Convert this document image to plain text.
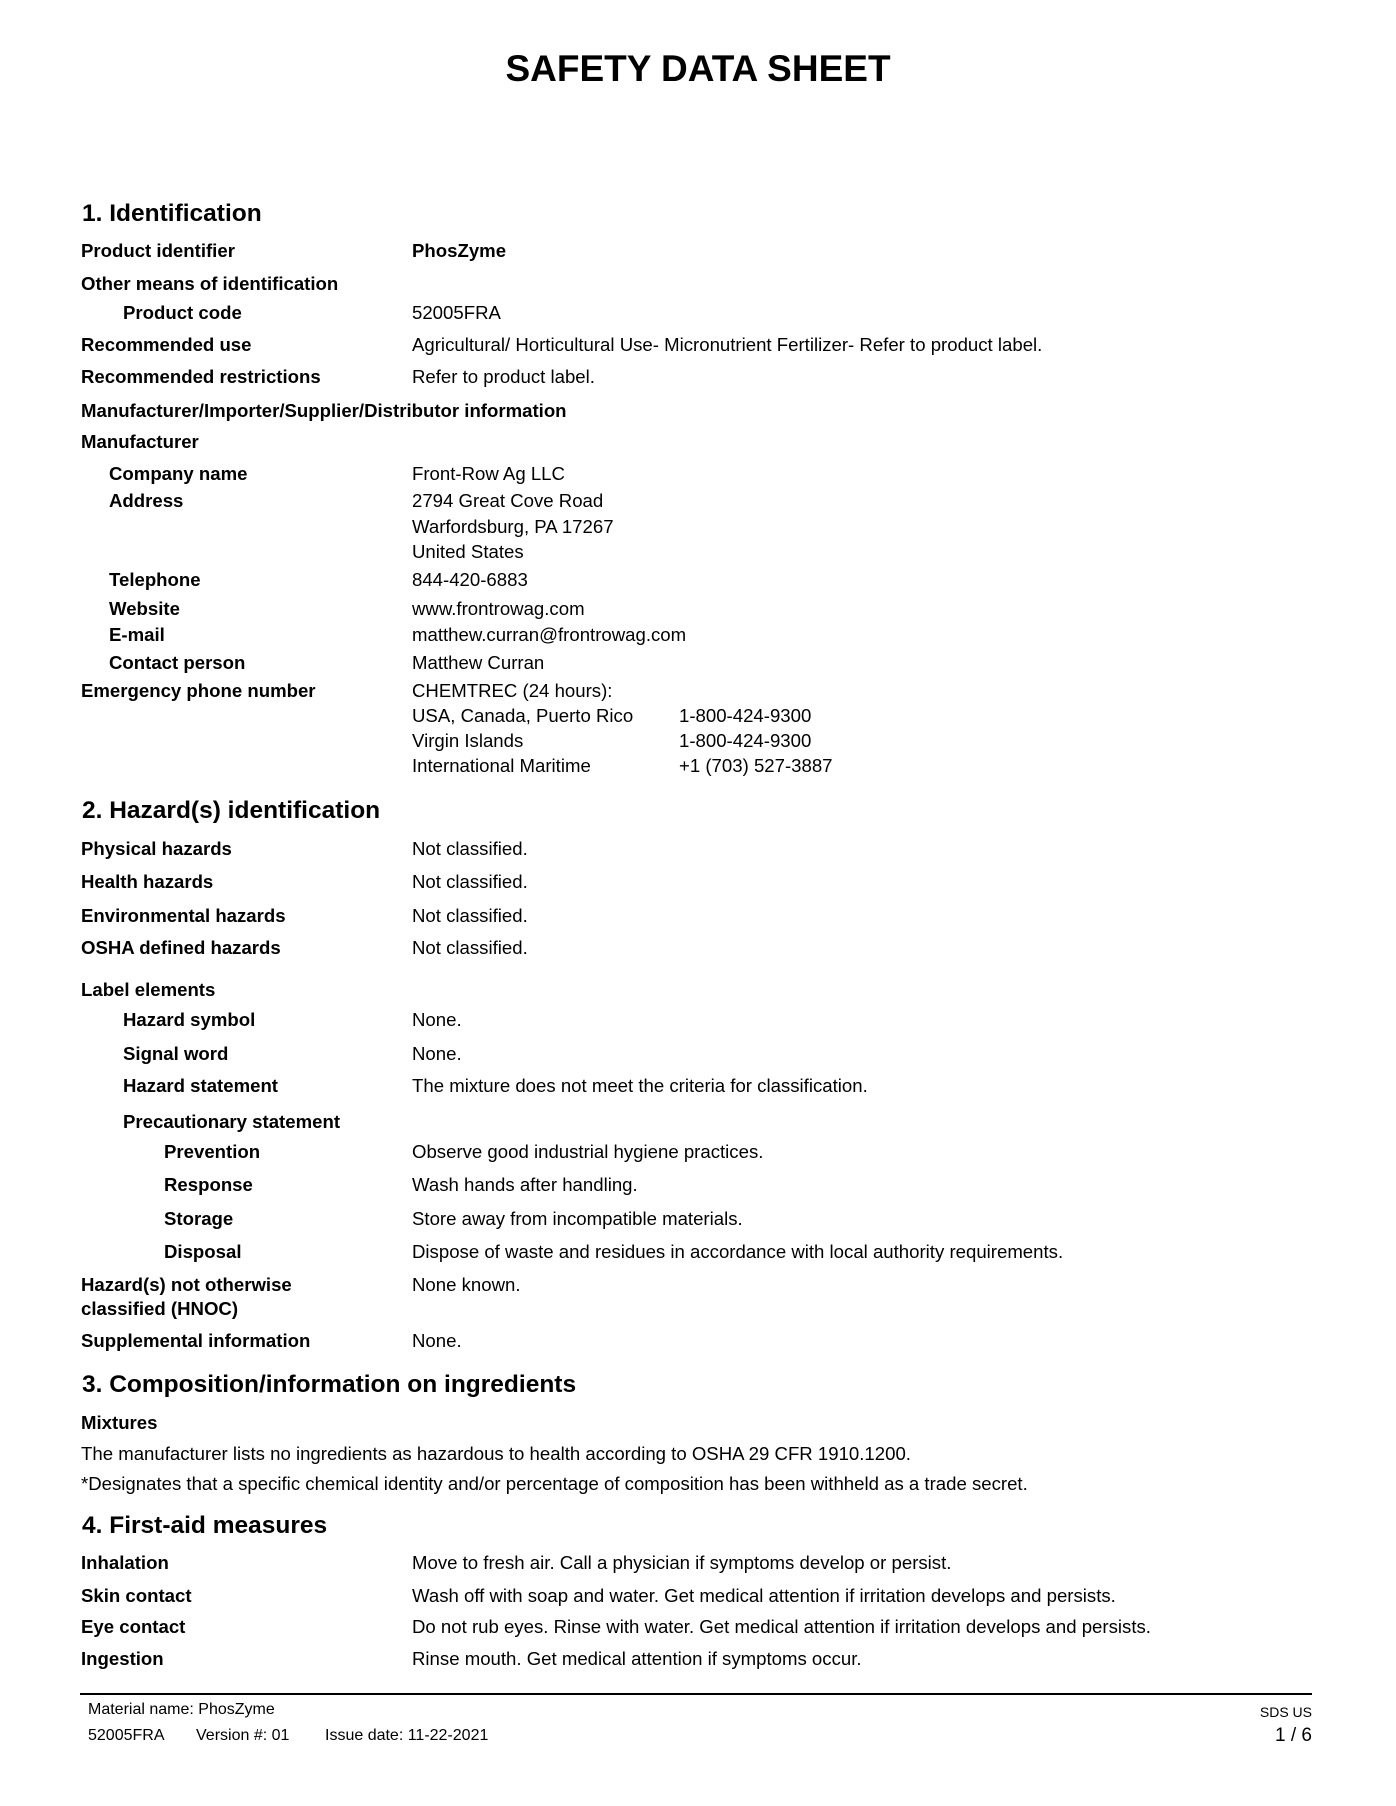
SAFETY DATA SHEET
1. Identification
Product identifier	PhosZyme
Other means of identification
Product code	52005FRA
Recommended use	Agricultural/ Horticultural Use- Micronutrient Fertilizer- Refer to product label.
Recommended restrictions	Refer to product label.
Manufacturer/Importer/Supplier/Distributor information
Manufacturer
Company name	Front-Row Ag LLC
Address	2794 Great Cove Road
Warfordsburg, PA 17267
United States
Telephone	844-420-6883
Website	www.frontrowag.com
E-mail	matthew.curran@frontrowag.com
Contact person	Matthew Curran
Emergency phone number	CHEMTREC (24 hours):
USA, Canada, Puerto Rico 1-800-424-9300
Virgin Islands	1-800-424-9300
International Maritime	+1 (703) 527-3887
2. Hazard(s) identification
Physical hazards	Not classified.
Health hazards	Not classified.
Environmental hazards	Not classified.
OSHA defined hazards	Not classified.
Label elements
Hazard symbol	None.
Signal word	None.
Hazard statement	The mixture does not meet the criteria for classification.
Precautionary statement
Prevention	Observe good industrial hygiene practices.
Response	Wash hands after handling.
Storage	Store away from incompatible materials.
Disposal	Dispose of waste and residues in accordance with local authority requirements.
Hazard(s) not otherwise
classified (HNOC)
None known.
Supplemental information	None.
3. Composition/information on ingredients
Mixtures
The manufacturer lists no ingredients as hazardous to health according to OSHA 29 CFR 1910.1200.
*Designates that a specific chemical identity and/or percentage of composition has been withheld as a trade secret.
4. First-aid measures
Inhalation	Move to fresh air. Call a physician if symptoms develop or persist.
Skin contact	Wash off with soap and water. Get medical attention if irritation develops and persists.
Eye contact	Do not rub eyes. Rinse with water. Get medical attention if irritation develops and persists.
Ingestion	Rinse mouth. Get medical attention if symptoms occur.
Material name: PhosZyme
52005FRA Version #: 01 Issue date: 11-22-2021
SDS US
1 / 6
